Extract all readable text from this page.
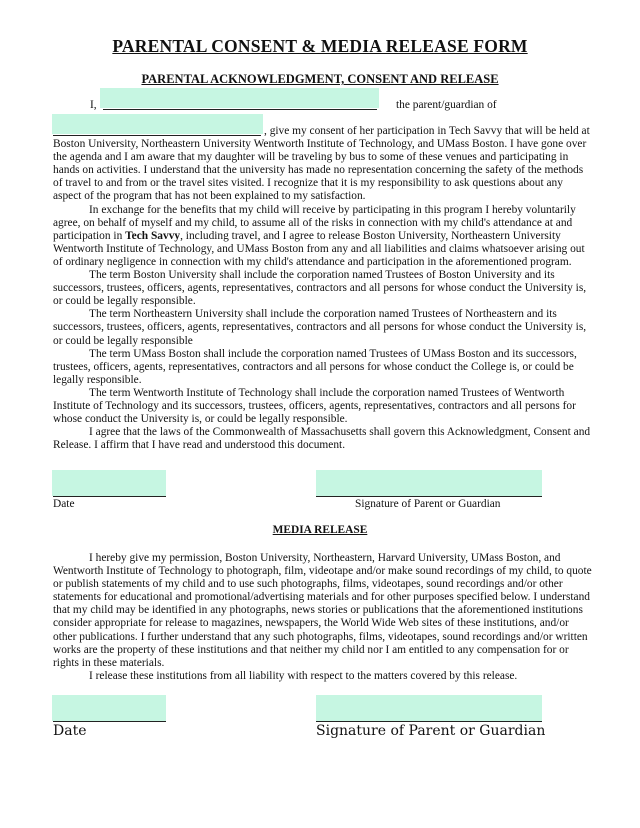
PARENTAL CONSENT & MEDIA RELEASE FORM
PARENTAL ACKNOWLEDGMENT, CONSENT AND RELEASE
I,	the parent/guardian of

, give my consent of her participation in Tech Savvy that will be held at Boston University, Northeastern University Wentworth Institute of Technology, and UMass Boston. I have gone over the agenda and I am aware that my daughter will be traveling by bus to some of these venues and participating in hands on activities. I understand that the university has made no representation concerning the safety of the methods of travel to and from or the travel sites visited. I recognize that it is my responsibility to ask questions about any aspect of the program that has not been explained to my satisfaction.

In exchange for the benefits that my child will receive by participating in this program I hereby voluntarily agree, on behalf of myself and my child, to assume all of the risks in connection with my child's attendance at and participation in Tech Savvy, including travel, and I agree to release Boston University, Northeastern University Wentworth Institute of Technology, and UMass Boston from any and all liabilities and claims whatsoever arising out of ordinary negligence in connection with my child's attendance and participation in the aforementioned program.

The term Boston University shall include the corporation named Trustees of Boston University and its successors, trustees, officers, agents, representatives, contractors and all persons for whose conduct the University is, or could be legally responsible.

The term Northeastern University shall include the corporation named Trustees of Northeastern and its successors, trustees, officers, agents, representatives, contractors and all persons for whose conduct the University is, or could be legally responsible

The term UMass Boston shall include the corporation named Trustees of UMass Boston and its successors, trustees, officers, agents, representatives, contractors and all persons for whose conduct the College is, or could be legally responsible.

The term Wentworth Institute of Technology shall include the corporation named Trustees of Wentworth Institute of Technology and its successors, trustees, officers, agents, representatives, contractors and all persons for whose conduct the University is, or could be legally responsible.

I agree that the laws of the Commonwealth of Massachusetts shall govern this Acknowledgment, Consent and Release. I affirm that I have read and understood this document.

Date	Signature of Parent or Guardian
MEDIA RELEASE

I hereby give my permission, Boston University, Northeastern, Harvard University, UMass Boston, and Wentworth Institute of Technology to photograph, film, videotape and/or make sound recordings of my child, to quote or publish statements of my child and to use such photographs, films, videotapes, sound recordings and/or other statements for educational and promotional/advertising materials and for other purposes specified below. I understand that my child may be identified in any photographs, news stories or publications that the aforementioned institutions consider appropriate for release to magazines, newspapers, the World Wide Web sites of these institutions, and/or other publications. I further understand that any such photographs, films, videotapes, sound recordings and/or written works are the property of these institutions and that neither my child nor I am entitled to any compensation for or rights in these materials.

I release these institutions from all liability with respect to the matters covered by this release.

Date	Signature of Parent or Guardian
